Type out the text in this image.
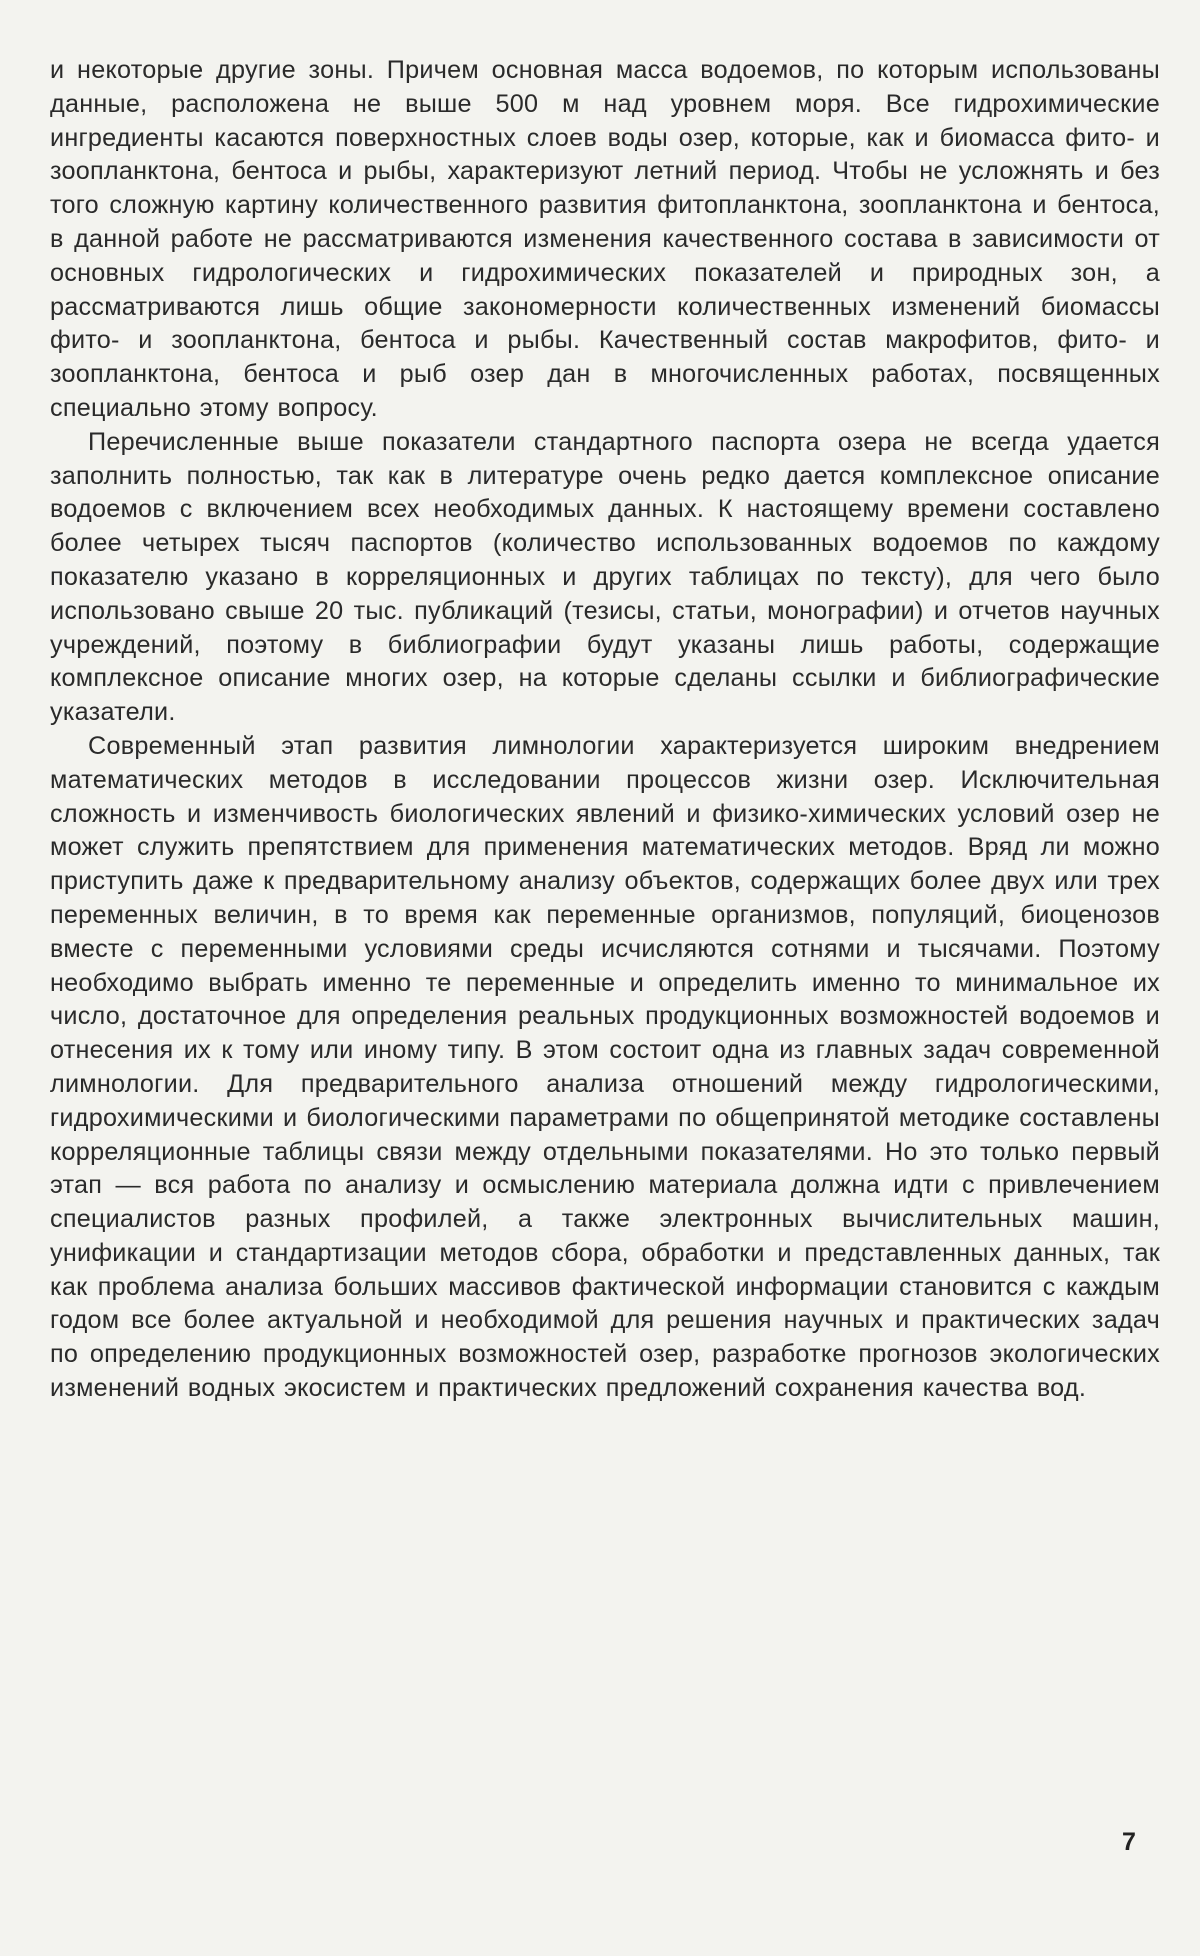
и некоторые другие зоны. Причем основная масса водоемов, по которым использованы данные, расположена не выше 500 м над уровнем моря. Все гидрохимические ингредиенты касаются поверхностных слоев воды озер, которые, как и биомасса фито- и зоопланктона, бентоса и рыбы, характеризуют летний период. Чтобы не усложнять и без того сложную картину количественного развития фитопланктона, зоопланктона и бентоса, в данной работе не рассматриваются изменения качественного состава в зависимости от основных гидрологических и гидрохимических показателей и природных зон, а рассматриваются лишь общие закономерности количественных изменений биомассы фито- и зоопланктона, бентоса и рыбы. Качественный состав макрофитов, фито- и зоопланктона, бентоса и рыб озер дан в многочисленных работах, посвященных специально этому вопросу.

Перечисленные выше показатели стандартного паспорта озера не всегда удается заполнить полностью, так как в литературе очень редко дается комплексное описание водоемов с включением всех необходимых данных. К настоящему времени составлено более четырех тысяч паспортов (количество использованных водоемов по каждому показателю указано в корреляционных и других таблицах по тексту), для чего было использовано свыше 20 тыс. публикаций (тезисы, статьи, монографии) и отчетов научных учреждений, поэтому в библиографии будут указаны лишь работы, содержащие комплексное описание многих озер, на которые сделаны ссылки и библиографические указатели.

Современный этап развития лимнологии характеризуется широким внедрением математических методов в исследовании процессов жизни озер. Исключительная сложность и изменчивость биологических явлений и физико-химических условий озер не может служить препятствием для применения математических методов. Вряд ли можно приступить даже к предварительному анализу объектов, содержащих более двух или трех переменных величин, в то время как переменные организмов, популяций, биоценозов вместе с переменными условиями среды исчисляются сотнями и тысячами. Поэтому необходимо выбрать именно те переменные и определить именно то минимальное их число, достаточное для определения реальных продукционных возможностей водоемов и отнесения их к тому или иному типу. В этом состоит одна из главных задач современной лимнологии. Для предварительного анализа отношений между гидрологическими, гидрохимическими и биологическими параметрами по общепринятой методике составлены корреляционные таблицы связи между отдельными показателями. Но это только первый этап — вся работа по анализу и осмыслению материала должна идти с привлечением специалистов разных профилей, а также электронных вычислительных машин, унификации и стандартизации методов сбора, обработки и представленных данных, так как проблема анализа больших массивов фактической информации становится с каждым годом все более актуальной и необходимой для решения научных и практических задач по определению продукционных возможностей озер, разработке прогнозов экологических изменений водных экосистем и практических предложений сохранения качества вод.

7
